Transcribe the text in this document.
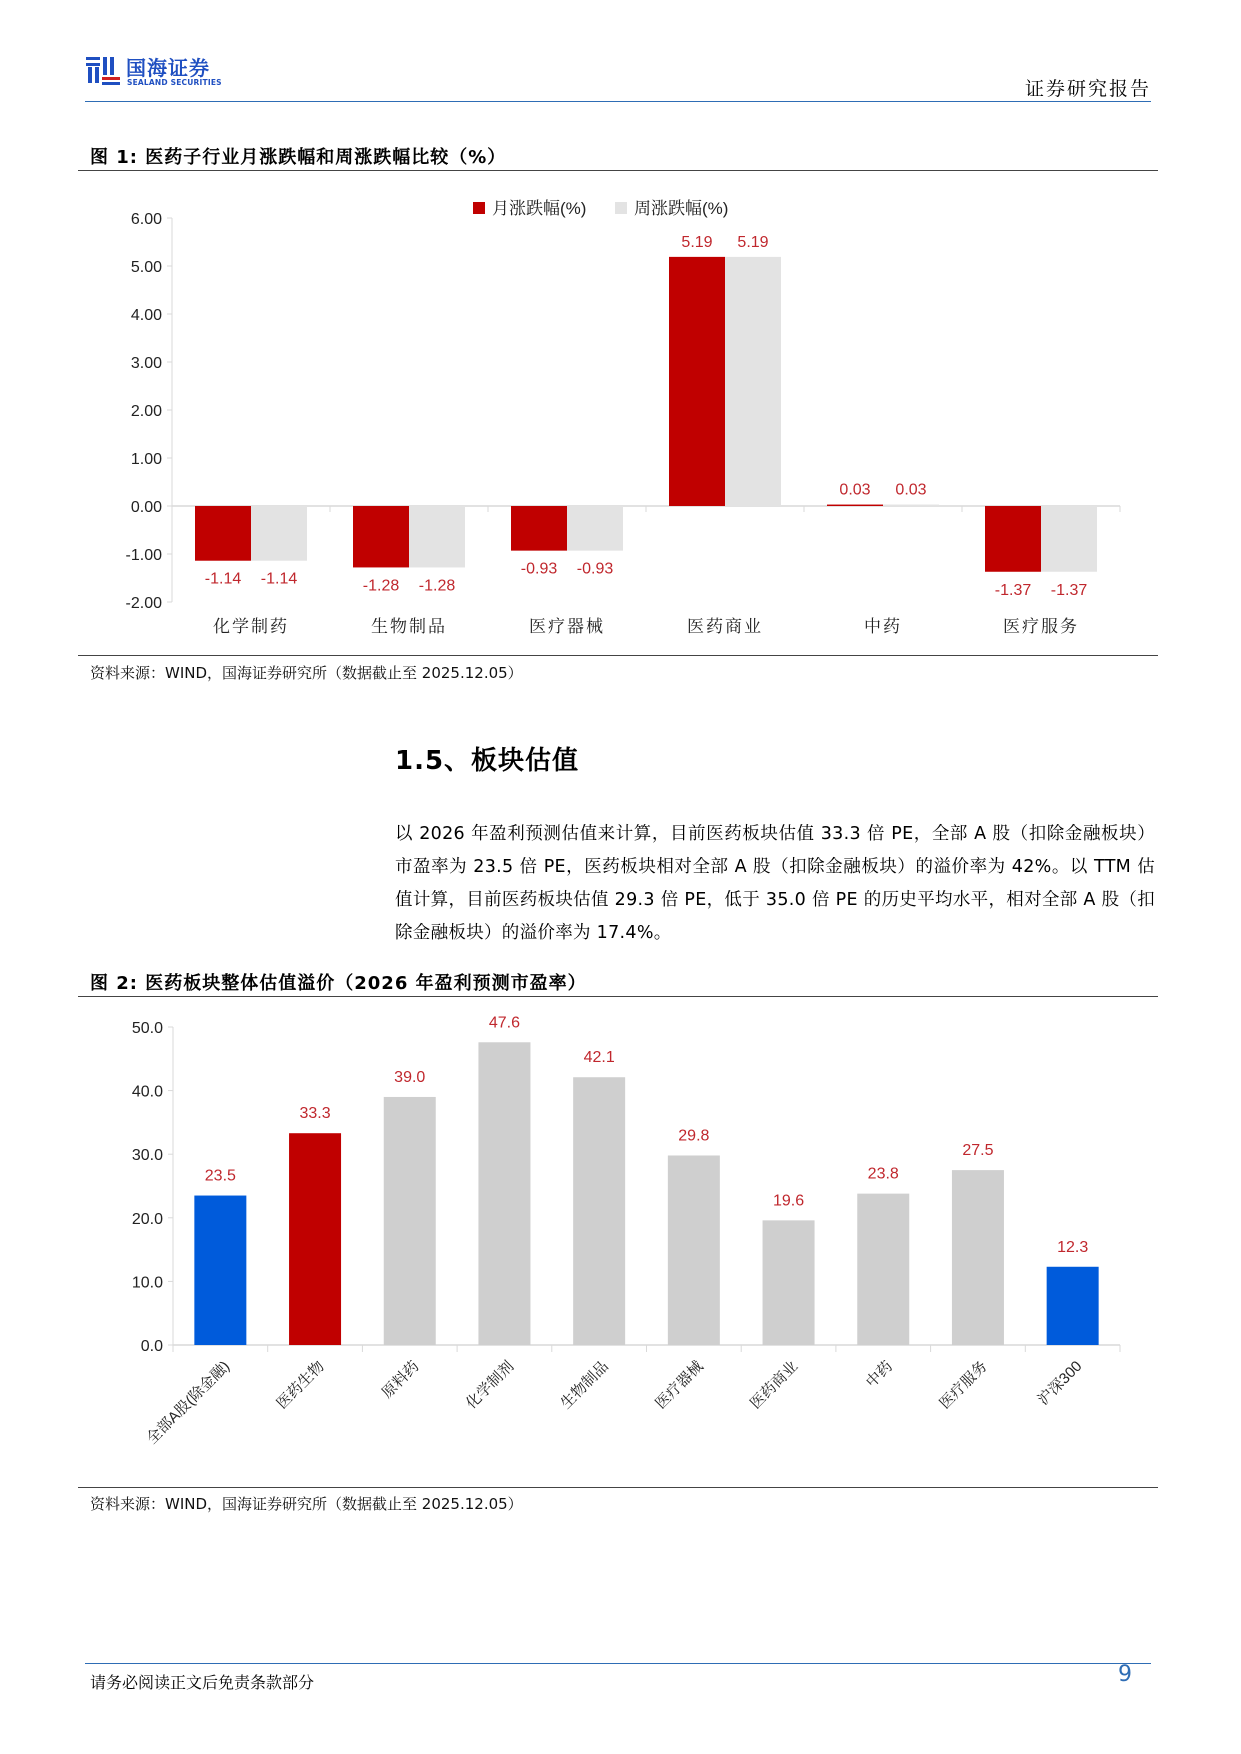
国海证券
SEALAND SECURITIES	证券研究报告
图 1: 医药子行业月涨跌幅和周涨跌幅比较（%）
6.00
5.00
4.00
3.00
2.00
1.00
0.00
-1.00
-2.00
-1.14 -1.14
化学制药
-1.28 -1.28
生物制品
-0.93 -0.93
医疗器械
5.19 5.19
医药商业
0.03 0.03
中药
-1.37 -1.37
医疗服务
月涨跌幅(%)	周涨跌幅(%)
资料来源：WIND，国海证券研究所（数据截止至 2025.12.05）
1.5、板块估值
以 2026 年盈利预测估值来计算，目前医药板块估值 33.3 倍 PE，全部 A 股（扣除金融板块）市盈率为 23.5 倍 PE，医药板块相对全部 A 股（扣除金融板块）的溢价率为 42%。以 TTM 估值计算，目前医药板块估值 29.3 倍 PE，低于 35.0 倍 PE 的历史平均水平，相对全部 A 股（扣除金融板块）的溢价率为 17.4%。
图 2: 医药板块整体估值溢价（2026 年盈利预测市盈率）
50.0
40.0
30.0
20.0
10.0
0.0
23.5
全部A股(除金融)
33.3
医药生物
39.0
原料药
47.6
化学制剂
42.1
生物制品
29.8
医疗器械
19.6
医药商业
23.8
中药
27.5
医疗服务
12.3
沪深300
资料来源：WIND，国海证券研究所（数据截止至 2025.12.05）
请务必阅读正文后免责条款部分	9
